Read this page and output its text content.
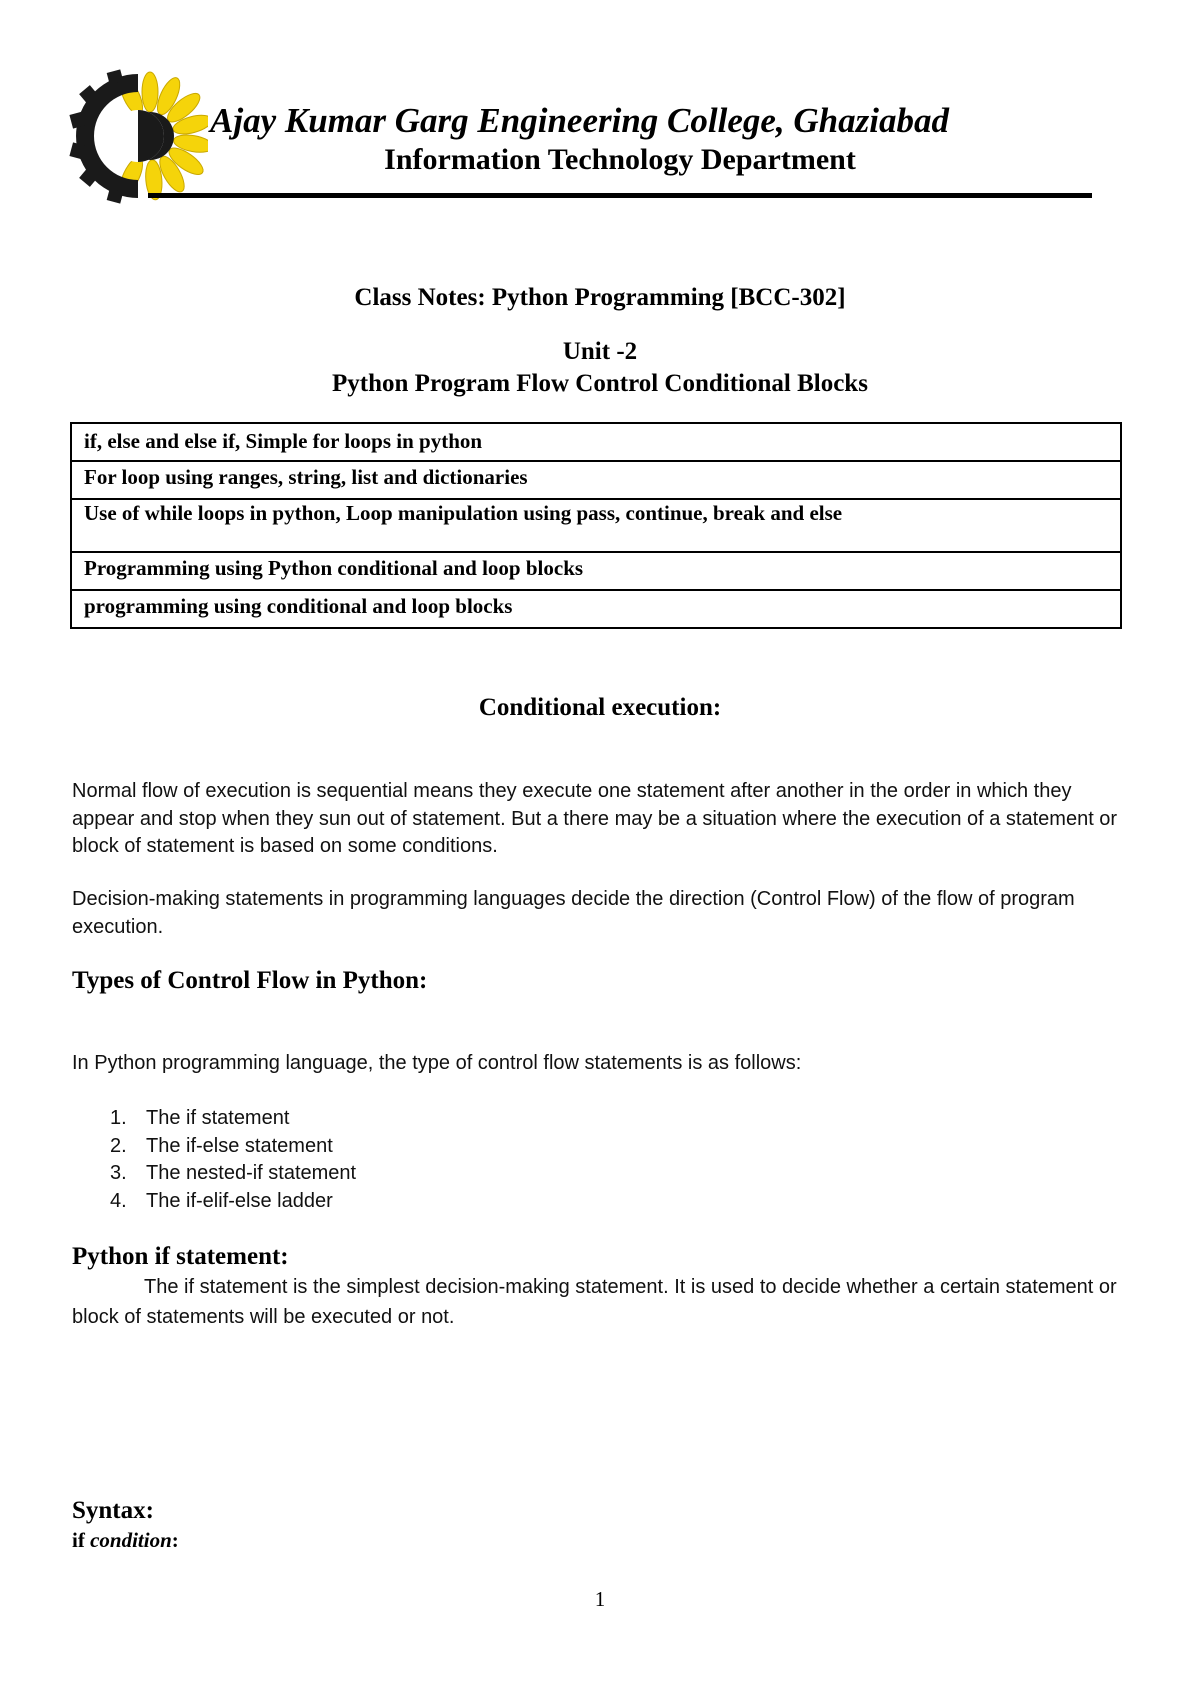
Ajay Kumar Garg Engineering College, Ghaziabad
Information Technology Department
Class Notes: Python Programming [BCC-302]
Unit -2
Python Program Flow Control Conditional Blocks
if, else and else if, Simple for loops in python
For loop using ranges, string, list and dictionaries
Use of while loops in python, Loop manipulation using pass, continue, break and else
Programming using Python conditional and loop blocks
programming using conditional and loop blocks
Conditional execution:
Normal flow of execution is sequential means they execute one statement after another in the order in which they appear and stop when they sun out of statement. But a there may be a situation where the execution of a statement or block of statement is based on some conditions.
Decision-making statements in programming languages decide the direction (Control Flow) of the flow of program execution.
Types of Control Flow in Python:
In Python programming language, the type of control flow statements is as follows:
1. The if statement
2. The if-else statement
3. The nested-if statement
4. The if-elif-else ladder
Python if statement:
The if statement is the simplest decision-making statement. It is used to decide whether a certain statement or block of statements will be executed or not.
Syntax:
if condition:
1
